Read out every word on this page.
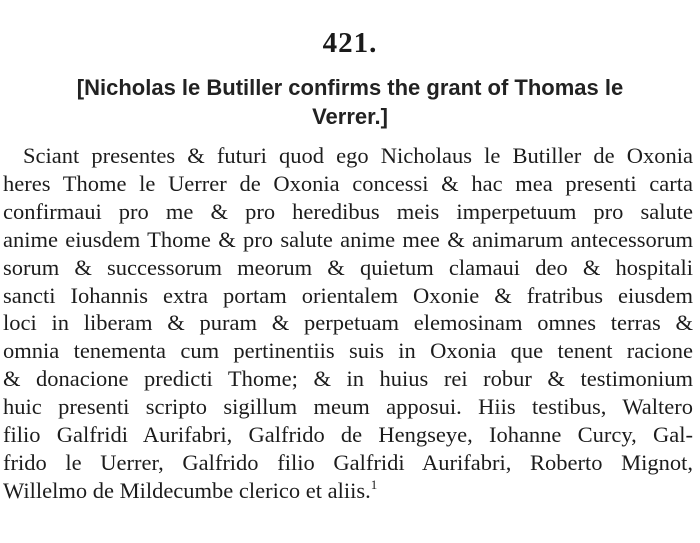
421.
[Nicholas le Butiller confirms the grant of Thomas le
Verrer.]

Sciant presentes & futuri quod ego Nicholaus le Butiller de Oxonia
heres Thome le Uerrer de Oxonia concessi & hac mea presenti carta
confirmaui pro me & pro heredibus meis imperpetuum pro salute
anime eiusdem Thome & pro salute anime mee & animarum antecessorum
sorum & successorum meorum & quietum clamaui deo & hospitali
sancti Iohannis extra portam orientalem Oxonie & fratribus eiusdem
loci in liberam & puram & perpetuam elemosinam omnes terras &
omnia tenementa cum pertinentiis suis in Oxonia que tenent racione
& donacione predicti Thome; & in huius rei robur & testimonium
huic presenti scripto sigillum meum apposui. Hiis testibus, Waltero
filio Galfridi Aurifabri, Galfrido de Hengseye, Iohanne Curcy, Gal-
frido le Uerrer, Galfrido filio Galfridi Aurifabri, Roberto Mignot,
Willelmo de Mildecumbe clerico et aliis.$^1$
